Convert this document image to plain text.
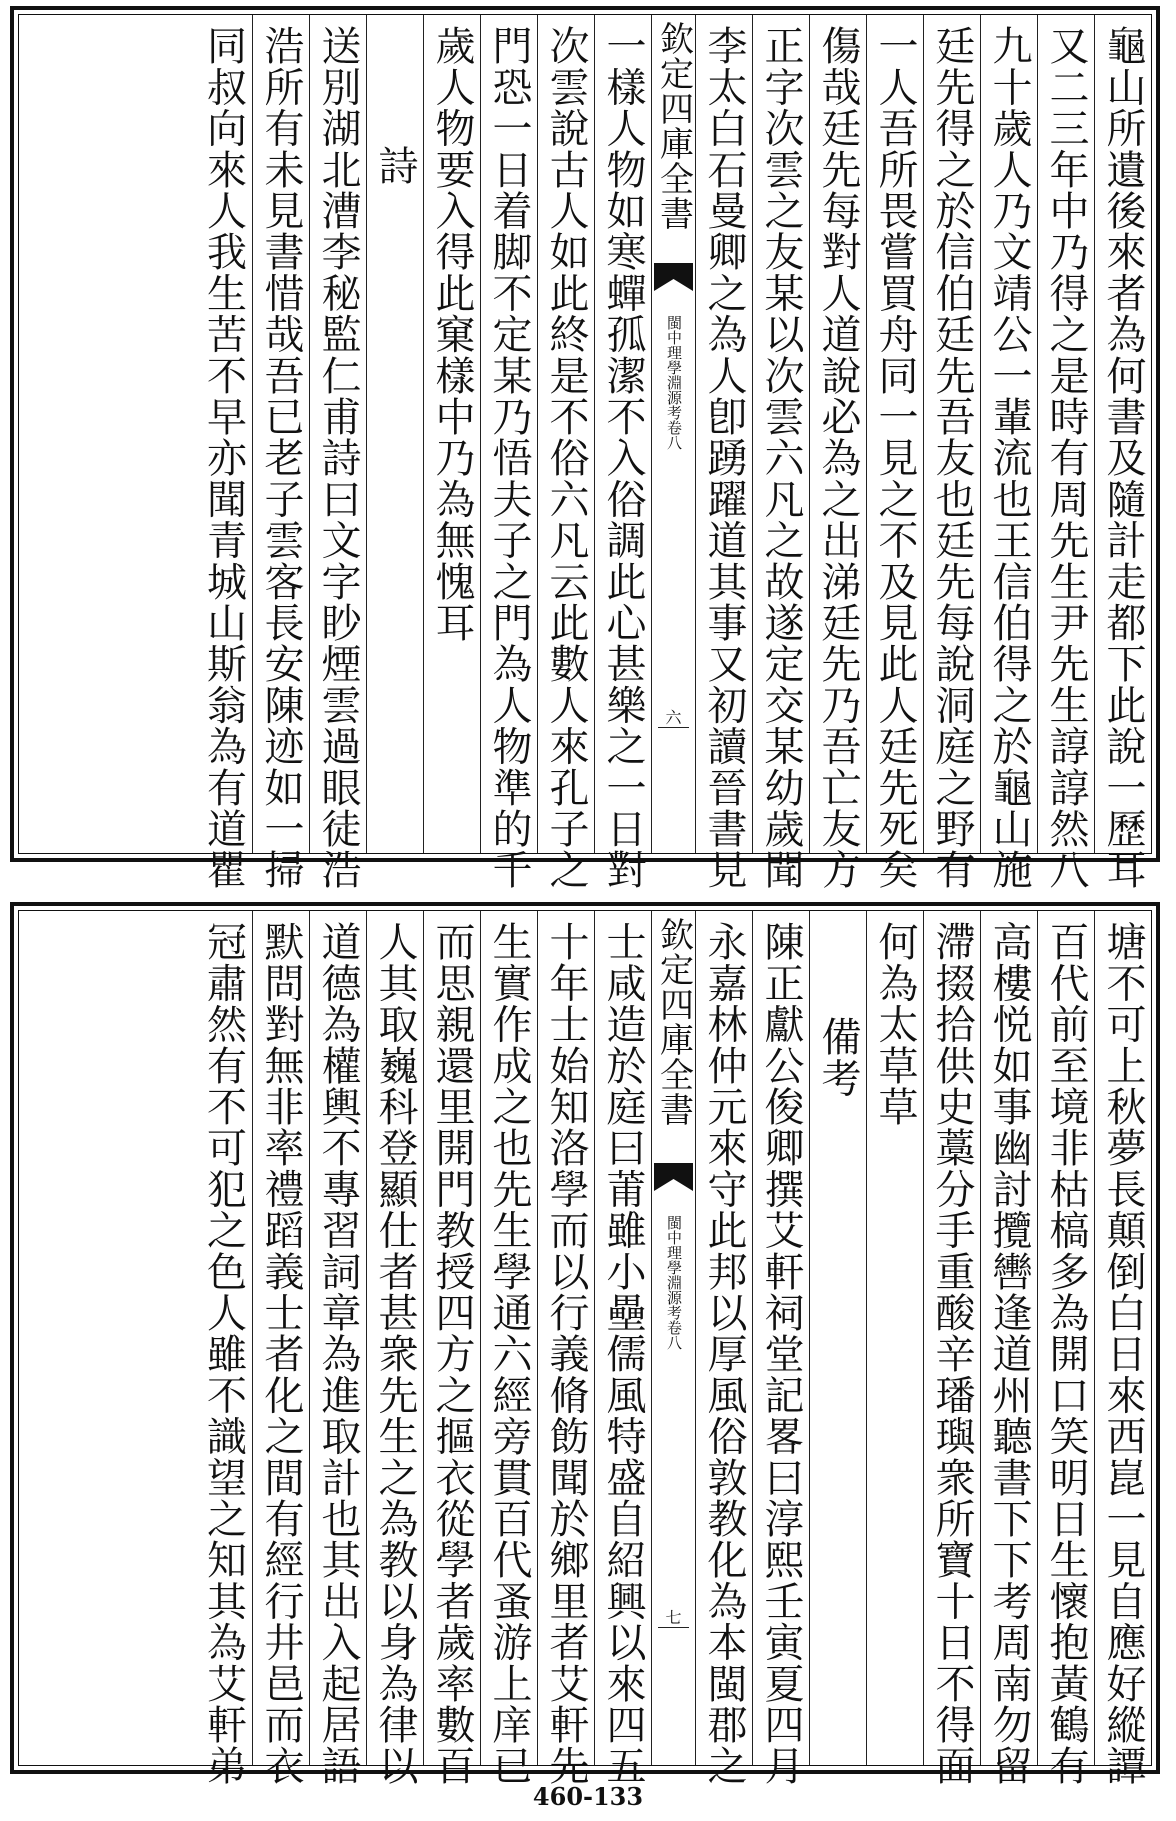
龜山所遺後來者為何書及隨計走都下此說一歷耳
又二三年中乃得之是時有周先生尹先生諄諄然八
九十歲人乃文靖公一輩流也王信伯得之於龜山施
廷先得之於信伯廷先吾友也廷先每說洞庭之野有
一人吾所畏嘗買舟同一見之不及見此人廷先死矣
傷哉廷先每對人道說必為之出涕廷先乃吾亡友方
正字次雲之友某以次雲六凡之故遂定交某幼歲聞
李太白石曼卿之為人卽踴躍道其事又初讀晉書見
欽定四庫全書
閩中理學淵源考
卷八
六
一樣人物如寒蟬孤潔不入俗調此心甚樂之一日對
次雲說古人如此終是不俗六凡云此數人來孔子之
門恐一日着脚不定某乃悟夫子之門為人物準的千
歲人物要入得此窠樣中乃為無愧耳
詩
送別湖北漕李秘監仁甫詩曰文字眇煙雲過眼徒浩
浩所有未見書惜哉吾已老子雲客長安陳迹如一掃
同叔向來人我生苦不早亦聞青城山斯翁為有道瞿
塘不可上秋夢長顛倒白日來西崑一見自應好縱譚
百代前至境非枯槁多為開口笑明日生懷抱黃鶴有
高樓悦如事幽討攬轡逢道州聽書下下考周南勿留
滯掇拾供史藁分手重酸辛璠璵衆所寶十日不得面
何為太草草
備考
陳正獻公俊卿撰艾軒祠堂記畧曰淳熙壬寅夏四月
永嘉林仲元來守此邦以厚風俗敦教化為本閩郡之
欽定四庫全書
閩中理學淵源考
卷八
七
士咸造於庭曰莆雖小壘儒風特盛自紹興以來四五
十年士始知洛學而以行義脩飭聞於鄉里者艾軒先
生實作成之也先生學通六經旁貫百代蚤游上庠已
而思親還里開門教授四方之摳衣從學者歲率數百
人其取巍科登顯仕者甚衆先生之為教以身為律以
道德為權輿不專習詞章為進取計也其出入起居語
默問對無非率禮蹈義士者化之間有經行井邑而衣
冠肅然有不可犯之色人雖不識望之知其為艾軒弟
460-133
